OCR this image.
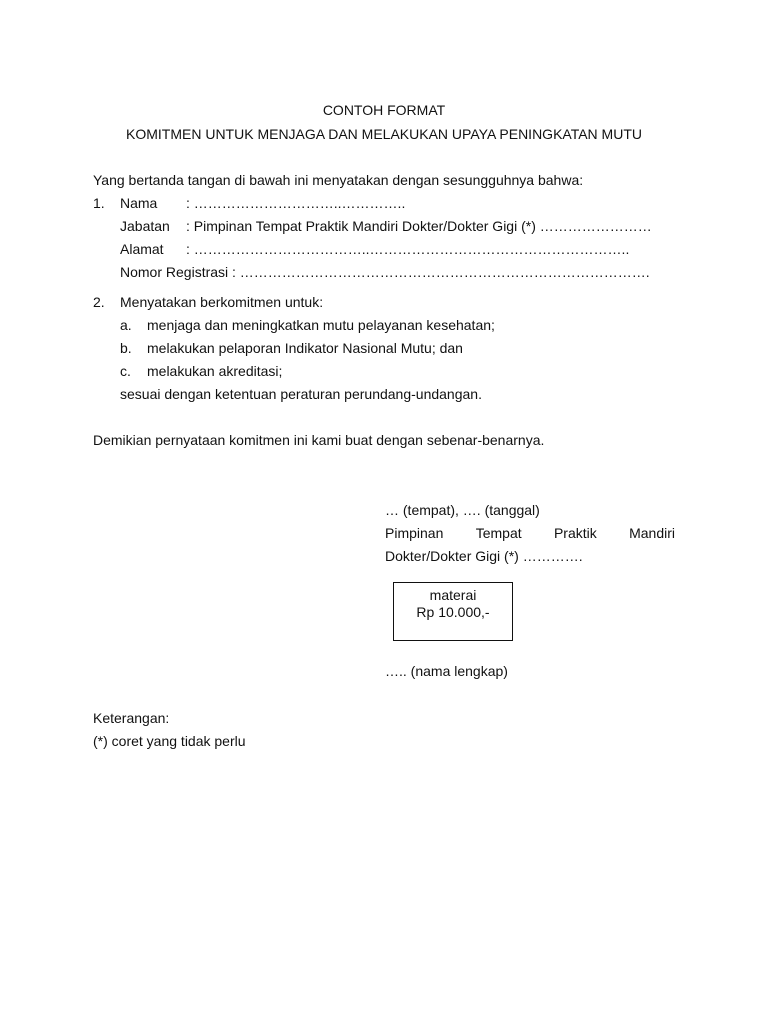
CONTOH FORMAT
KOMITMEN UNTUK MENJAGA DAN MELAKUKAN UPAYA PENINGKATAN MUTU
Yang bertanda tangan di bawah ini menyatakan dengan sesungguhnya bahwa:
1. Nama : …………………………..…………..
Jabatan : Pimpinan Tempat Praktik Mandiri Dokter/Dokter Gigi (*) ……………………
Alamat : ………………………………..………………………………………………..
Nomor Registrasi : …………………………………………………………………………….
2. Menyatakan berkomitmen untuk:
a. menjaga dan meningkatkan mutu pelayanan kesehatan;
b. melakukan pelaporan Indikator Nasional Mutu; dan
c. melakukan akreditasi;
sesuai dengan ketentuan peraturan perundang-undangan.
Demikian pernyataan komitmen ini kami buat dengan sebenar-benarnya.
… (tempat), …. (tanggal)
Pimpinan Tempat Praktik Mandiri
Dokter/Dokter Gigi (*) ………….
materai
Rp 10.000,-
….. (nama lengkap)
Keterangan:
(*) coret yang tidak perlu
